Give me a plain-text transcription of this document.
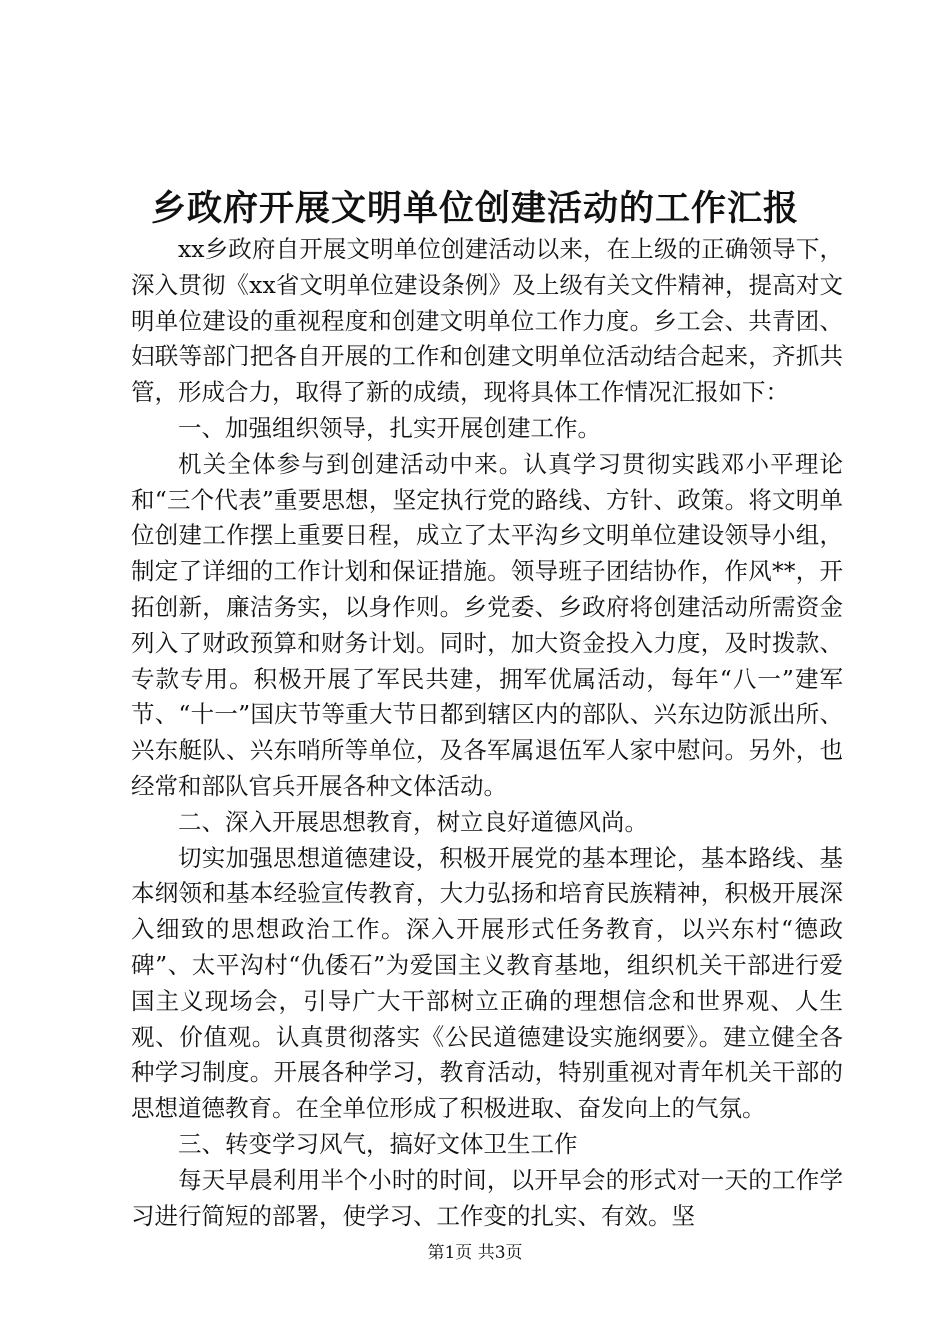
乡政府开展文明单位创建活动的工作汇报

xx乡政府自开展文明单位创建活动以来，在上级的正确领导下，深入贯彻《xx省文明单位建设条例》及上级有关文件精神，提高对文明单位建设的重视程度和创建文明单位工作力度。乡工会、共青团、妇联等部门把各自开展的工作和创建文明单位活动结合起来，齐抓共管，形成合力，取得了新的成绩，现将具体工作情况汇报如下：

一、加强组织领导，扎实开展创建工作。

机关全体参与到创建活动中来。认真学习贯彻实践邓小平理论和“三个代表”重要思想，坚定执行党的路线、方针、政策。将文明单位创建工作摆上重要日程，成立了太平沟乡文明单位建设领导小组，制定了详细的工作计划和保证措施。领导班子团结协作，作风**，开拓创新，廉洁务实，以身作则。乡党委、乡政府将创建活动所需资金列入了财政预算和财务计划。同时，加大资金投入力度，及时拨款、专款专用。积极开展了军民共建，拥军优属活动，每年“八一”建军节、“十一”国庆节等重大节日都到辖区内的部队、兴东边防派出所、兴东艇队、兴东哨所等单位，及各军属退伍军人家中慰问。另外，也经常和部队官兵开展各种文体活动。

二、深入开展思想教育，树立良好道德风尚。

切实加强思想道德建设，积极开展党的基本理论，基本路线、基本纲领和基本经验宣传教育，大力弘扬和培育民族精神，积极开展深入细致的思想政治工作。深入开展形式任务教育，以兴东村“德政碑”、太平沟村“仇倭石”为爱国主义教育基地，组织机关干部进行爱国主义现场会，引导广大干部树立正确的理想信念和世界观、人生观、价值观。认真贯彻落实《公民道德建设实施纲要》。建立健全各种学习制度。开展各种学习，教育活动，特别重视对青年机关干部的思想道德教育。在全单位形成了积极进取、奋发向上的气氛。

三、转变学习风气，搞好文体卫生工作

每天早晨利用半个小时的时间，以开早会的形式对一天的工作学习进行简短的部署，使学习、工作变的扎实、有效。坚

第1页 共3页
